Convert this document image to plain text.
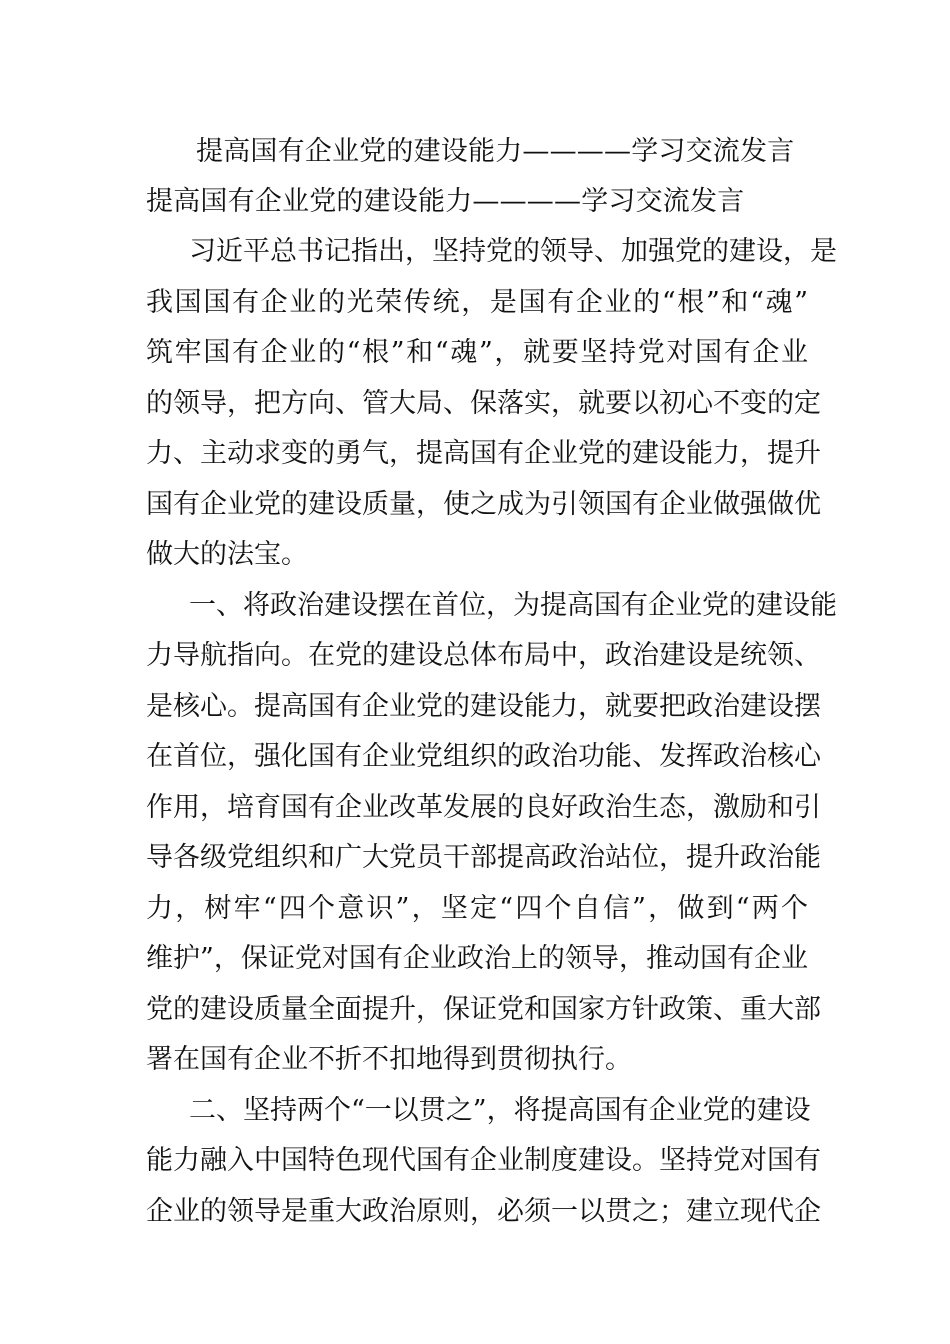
提高国有企业党的建设能力————学习交流发言
提高国有企业党的建设能力————学习交流发言
习近平总书记指出，坚持党的领导、加强党的建设，是
我国国有企业的光荣传统，是国有企业的“根”和“魂”
筑牢国有企业的“根”和“魂”，就要坚持党对国有企业
的领导，把方向、管大局、保落实，就要以初心不变的定
力、主动求变的勇气，提高国有企业党的建设能力，提升
国有企业党的建设质量，使之成为引领国有企业做强做优
做大的法宝。
一、将政治建设摆在首位，为提高国有企业党的建设能
力导航指向。在党的建设总体布局中，政治建设是统领、
是核心。提高国有企业党的建设能力，就要把政治建设摆
在首位，强化国有企业党组织的政治功能、发挥政治核心
作用，培育国有企业改革发展的良好政治生态，激励和引
导各级党组织和广大党员干部提高政治站位，提升政治能
力，树牢“四个意识”，坚定“四个自信”，做到“两个
维护”，保证党对国有企业政治上的领导，推动国有企业
党的建设质量全面提升，保证党和国家方针政策、重大部
署在国有企业不折不扣地得到贯彻执行。
二、坚持两个“一以贯之”，将提高国有企业党的建设
能力融入中国特色现代国有企业制度建设。坚持党对国有
企业的领导是重大政治原则，必须一以贯之；建立现代企
